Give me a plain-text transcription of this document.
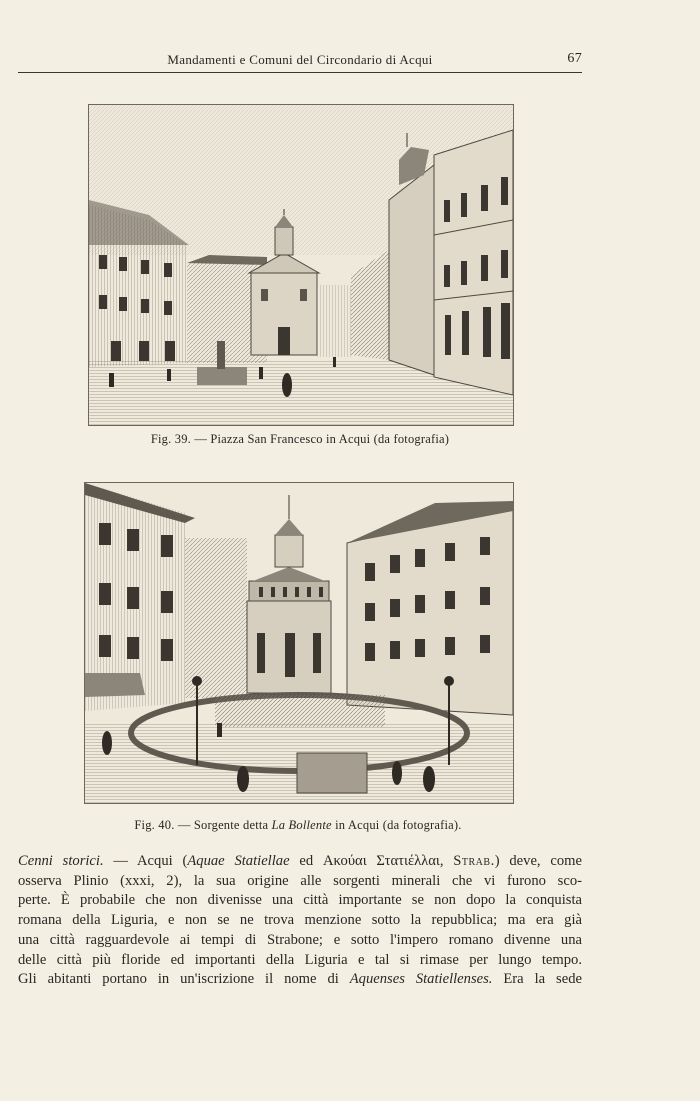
Mandamenti e Comuni del Circondario di Acqui	67
Fig. 39. — Piazza San Francesco in Acqui (da fotografia)
Fig. 40. — Sorgente detta La Bollente in Acqui (da fotografia).
Cenni storici. — Acqui (Aquae Statiellae ed Ακούαι Στατιέλλαι, Strab.) deve, come
osserva Plinio (xxxi, 2), la sua origine alle sorgenti minerali che vi furono sco-
perte. È probabile che non divenisse una città importante se non dopo la conquista
romana della Liguria, e non se ne trova menzione sotto la repubblica; ma era già
una città ragguardevole ai tempi di Strabone; e sotto l'impero romano divenne una
delle città più floride ed importanti della Liguria e tal si rimase per lungo tempo.
Gli abitanti portano in un'iscrizione il nome di Aquenses Statiellenses. Era la sede
